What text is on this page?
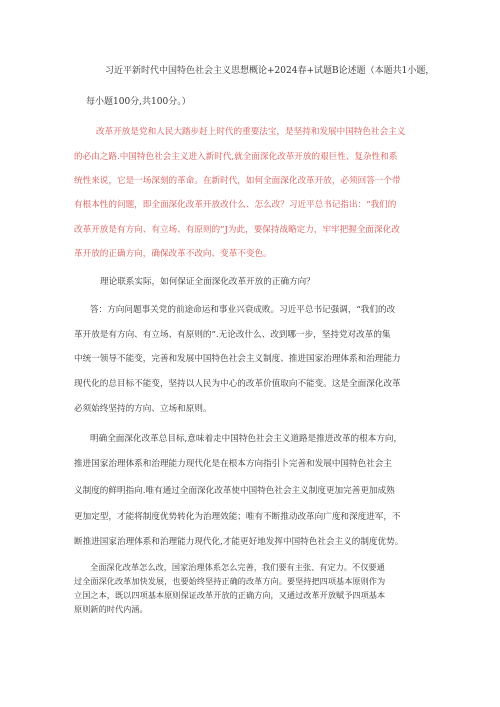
习近平新时代中国特色社会主义思想概论+2024春+试题B论述题（本题共1小题，
每小题100分,共100分。）
改革开放是党和人民大踏步赶上时代的重要法宝，是坚持和发展中国特色社会主义
的必由之路.中国特色社会主义进入新时代,就全面深化改革开放的艰巨性、复杂性和系
统性来说，它是一场深刻的革命。在新时代，如何全面深化改革开放，必须回答一个带
有根本性的问题，即全面深化改革开放改什么、怎么改？习近平总书记指出：“我们的
改革开放是有方向、有立场、有原则的”J为此，要保持战略定力，牢牢把握全面深化改
革开放的正确方向，确保改革不改向、变革不变色。
理论联系实际，如何保证全面深化改革开放的正确方向？
答：方向问题事关党的前途命运和事业兴衰成败。习近平总书记强调，“我们的改
革开放是有方向、有立场、有原则的”.无论改什么、改到哪一步，坚持党对改革的集
中统一领导不能变，完善和发展中国特色社会主义制度、推进国家治理体系和治理能力
现代化的总目标不能变，坚持以人民为中心的改革价值取向不能变。这是全面深化改革
必须始终坚持的方向、立场和原则。
明确全面深化改革总目标,意味着走中国特色社会主义道路是推进改革的根本方向，
推进国家治理体系和治理能力现代化是在根本方向指引卜完善和发展中国特色社会主
义制度的鲜明指向.唯有通过全面深化改革使中国特色社会主义制度更加完善更加成熟
更加定型，才能将制度优势转化为治理效能；唯有不断推动改革向广度和深度进军，不
断推进国家治理体系和治理能力现代化,才能更好地发挥中国特色社会主义的制度优势。
全面深化改革怎么改，国家治理体系怎么完善，我们要有主张、有定力。不仅要通
过全面深化改革加快发展，也要始终坚持正确的改革方向。要坚持把四项基本原则作为
立国之本，既以四项基本原则保证改革开放的正确方向，又通过改革开放赋予四项基本
原则新的时代内涵。
